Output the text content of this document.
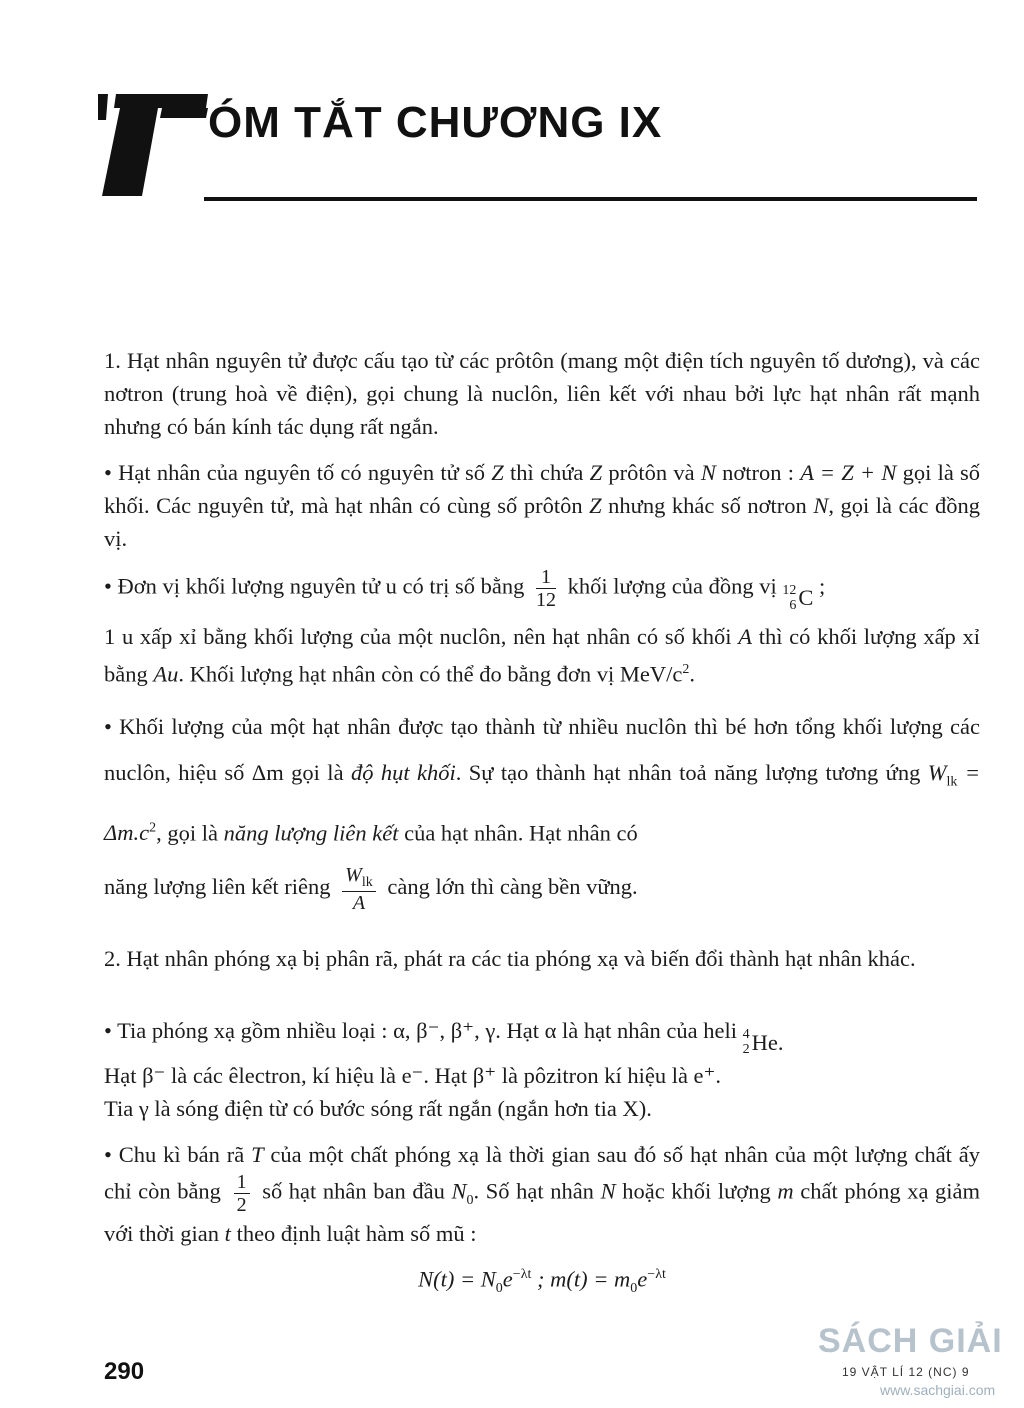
ÓM TẮT CHƯƠNG IX

1. Hạt nhân nguyên tử được cấu tạo từ các prôtôn (mang một điện tích nguyên tố dương), và các nơtron (trung hoà về điện), gọi chung là nuclôn, liên kết với nhau bởi lực hạt nhân rất mạnh nhưng có bán kính tác dụng rất ngắn.

• Hạt nhân của nguyên tố có nguyên tử số Z thì chứa Z prôtôn và N nơtron : A = Z + N gọi là số khối. Các nguyên tử, mà hạt nhân có cùng số prôtôn Z nhưng khác số nơtron N, gọi là các đồng vị.

• Đơn vị khối lượng nguyên tử u có trị số bằng $\frac{1}{12}$ khối lượng của đồng vị 12
6 C ;

1 u xấp xỉ bằng khối lượng của một nuclôn, nên hạt nhân có số khối A thì có khối lượng xấp xỉ bằng Au. Khối lượng hạt nhân còn có thể đo bằng đơn vị MeV/$c^2$.

• Khối lượng của một hạt nhân được tạo thành từ nhiều nuclôn thì bé hơn tổng khối lượng các nuclôn, hiệu số Δm gọi là độ hụt khối. Sự tạo thành hạt nhân toả năng lượng tương ứng $W_{lk} = \Delta m.c^2$, gọi là năng lượng liên kết của hạt nhân. Hạt nhân có

năng lượng liên kết riêng $\frac{W_{lk}}{A}$ càng lớn thì càng bền vững.

2. Hạt nhân phóng xạ bị phân rã, phát ra các tia phóng xạ và biến đổi thành hạt nhân khác.

• Tia phóng xạ gồm nhiều loại : α, β⁻, β⁺, γ. Hạt α là hạt nhân của heli 4
2 He.

Hạt β⁻ là các êlectron, kí hiệu là e⁻. Hạt β⁺ là pôzitron kí hiệu là e⁺.

Tia γ là sóng điện từ có bước sóng rất ngắn (ngắn hơn tia X).

• Chu kì bán rã T của một chất phóng xạ là thời gian sau đó số hạt nhân của một lượng chất ấy chỉ còn bằng $\frac{1}{2}$ số hạt nhân ban đầu $N_0$. Số hạt nhân N hoặc khối lượng m chất phóng xạ giảm với thời gian t theo định luật hàm số mũ :

$N(t) = N_0e^{-\lambda t}$ ; $m(t) = m_0e^{-\lambda t}$

290
SÁCH GIẢI
19 VẬT LÍ 12 (NC) 9
www.sachgiai.com
